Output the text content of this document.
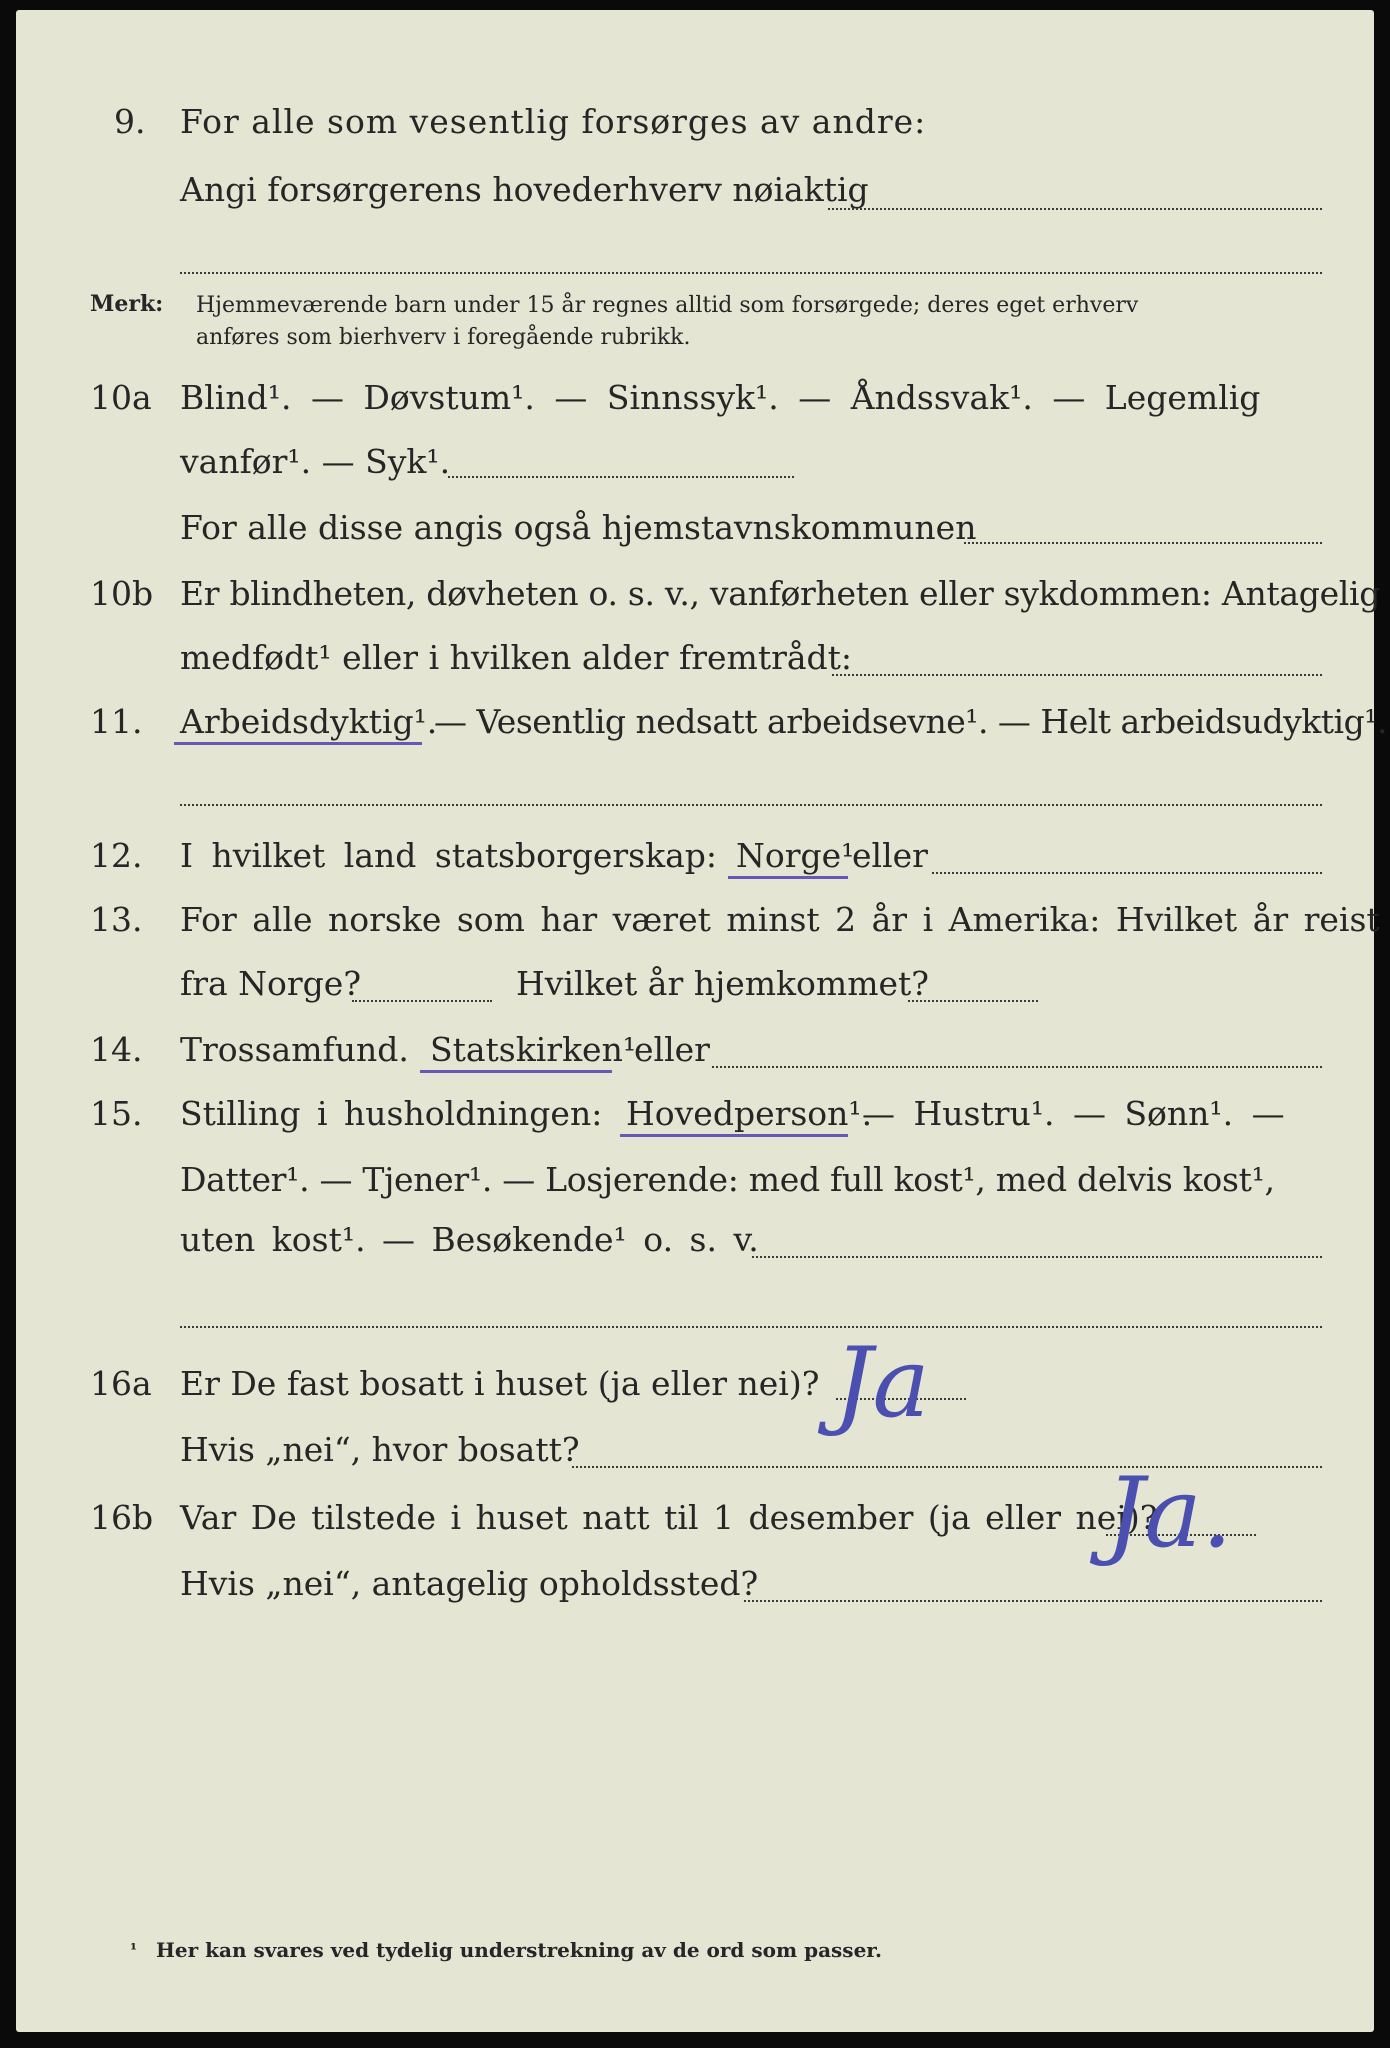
9. For alle som vesentlig forsørges av andre:
Angi forsørgerens hovederhverv nøiaktig
Merk: Hjemmeværende barn under 15 år regnes alltid som forsørgede; deres eget erhverv
anføres som bierhverv i foregående rubrikk.
10a Blind¹. — Døvstum¹. — Sinnssyk¹. — Åndssvak¹. — Legemlig
vanfør¹. — Syk¹.
For alle disse angis også hjemstavnskommunen
10b Er blindheten, døvheten o. s. v., vanførheten eller sykdommen: Antagelig
medfødt¹ eller i hvilken alder fremtrådt:
11. Arbeidsdyktig¹.
— Vesentlig nedsatt arbeidsevne¹. — Helt arbeidsudyktig¹.
12. I hvilket land statsborgerskap: Norge¹
eller
13. For alle norske som har været minst 2 år i Amerika: Hvilket år reist
fra Norge?	Hvilket år hjemkommet?
14. Trossamfund. Statskirken¹
eller
15. Stilling i husholdningen: Hovedperson¹.
— Hustru¹. — Sønn¹. —
Datter¹. — Tjener¹. — Losjerende: med full kost¹, med delvis kost¹,
uten kost¹. — Besøkende¹ o. s. v.
16a Er De fast bosatt i huset (ja eller nei)? Ja
Hvis „nei“, hvor bosatt?
16b Var De tilstede i huset natt til 1 desember (ja eller nei)?
Ja.
Hvis „nei“, antagelig opholdssted?
¹ Her kan svares ved tydelig understrekning av de ord som passer.
